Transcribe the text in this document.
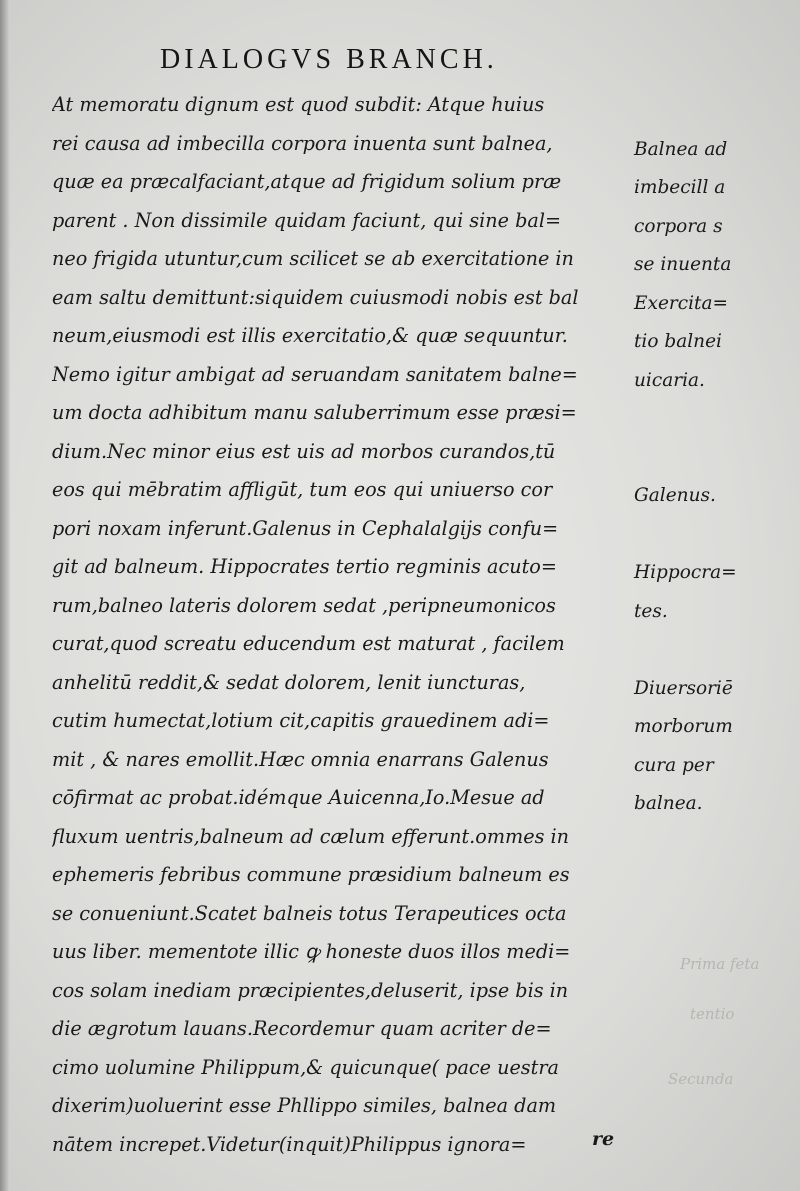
DIALOGVS BRANCH.
At memoratu dignum est quod subdit: Atque huius
rei causa ad imbecilla corpora inuenta sunt balnea,
quæ ea præcalfaciant,atque ad frigidum solium præ
parent . Non dissimile quidam faciunt, qui sine bal=
neo frigida utuntur,cum scilicet se ab exercitatione in
eam saltu demittunt:siquidem cuiusmodi nobis est bal
neum,eiusmodi est illis exercitatio,& quæ sequuntur.
Nemo igitur ambigat ad seruandam sanitatem balne=
um docta adhibitum manu saluberrimum esse præsi=
dium.Nec minor eius est uis ad morbos curandos,tū
eos qui mēbratim affligūt, tum eos qui uniuerso cor
pori noxam inferunt.Galenus in Cephalalgijs confu=
git ad balneum. Hippocrates tertio regminis acuto=
rum,balneo lateris dolorem sedat ,peripneumonicos
curat,quod screatu educendum est maturat , facilem
anhelitū reddit,& sedat dolorem, lenit iuncturas,
cutim humectat,lotium cit,capitis grauedinem adi=
mit , & nares emollit.Hæc omnia enarrans Galenus
cōfirmat ac probat.idémque Auicenna,Io.Mesue ad
fluxum uentris,balneum ad cælum efferunt.ommes in
ephemeris febribus commune præsidium balneum es
se conueniunt.Scatet balneis totus Terapeutices octa
uus liber. mementote illic ꝙ honeste duos illos medi=
cos solam inediam præcipientes,deluserit, ipse bis in
die ægrotum lauans.Recordemur quam acriter de=
cimo uolumine Philippum,& quicunque( pace uestra
dixerim)uoluerint esse Phllippo similes, balnea dam
nātem increpet.Videtur(inquit)Philippus ignora=
Balnea ad
imbecill a
corpora s
se inuenta
Exercita=
tio balnei
uicaria.
Galenus.
Hippocra=
tes.
Diuersoriē
morborum
cura per
balnea.
Prima feta
tentio
Secunda
re
